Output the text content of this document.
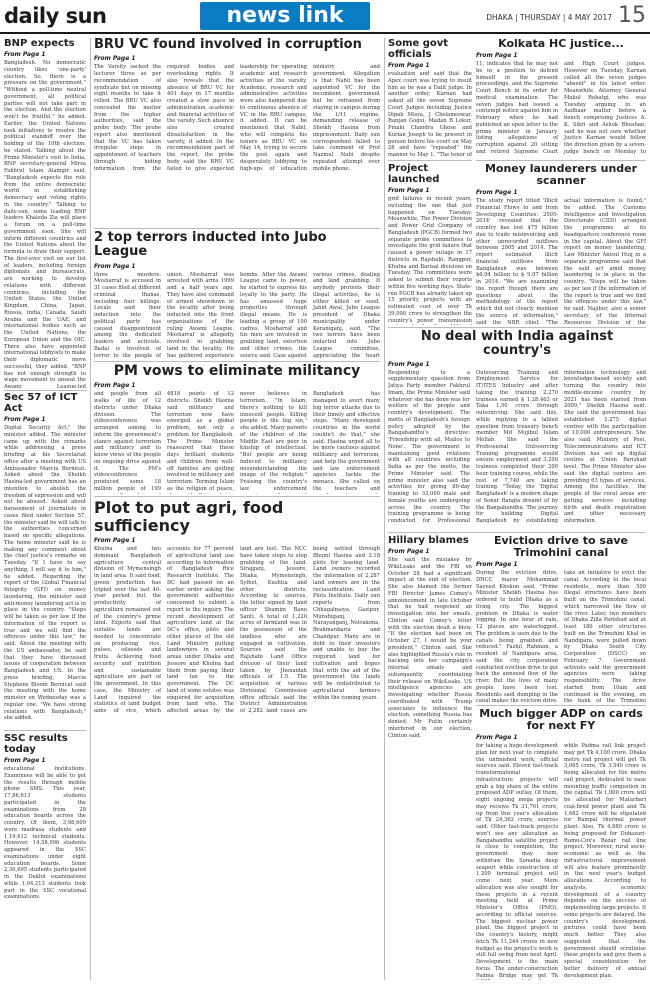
daily sun	news link	DHAKA | THURSDAY | 4 MAY 2017 15
BNP expects
From Page 1
Bangladesh. No democratic country likes 'one-party' election. So, there is a pressure on the government." "Without a poll-time neutral government, all political parties will not take part in the election. And the election won't be fruitful," he added. Earlier, the United Nations took initiatives to resolve the political standoff over the holding of the 10th election, he stated. Talking about the Prime Minister's visit to India, BNP secretary-general Mirza Fakhrul Islam Alamgir said, "Bangladesh expects the role from the entire democratic world in establishing democracy and voting rights in the country." Talking to daily-sun, some leading BNP leaders Khaleda Zia will place a forum on a poll-time government soon. She will inform different countries and the United Nations about the formula to draw their support. The first-ever visit on our list of leaders, including foreign diplomats and bureaucrats, are working to develop relations with different countries, including the United States, the United Kingdom, China, Japan, Russia, India, Canada, Saudi Arabia and the UAE, and international bodies such as the United Nations, the European Union and the OIC. There also have appointed international lobbyists to make their diplomatic move successful, they added. "BNP has not enough strength to wage movement to unseat the Awami League-led
Sec 57 of ICT Act
From Page 1
Digital Security Act," the minister added. The minister came up with the remarks while addressing a press briefing at his Secretariat office after a meeting with US Ambassador Marcia Bernicat. Asked about the Sheikh Hasina-led government has an intention to abolish the freedom of expression and will not be abused. Asked about harassment of journalists in cases filed under Section 57, the minister said he will talk to the authorities concerned based on specific allegations. The home minister said he is making any comment about the chief justice's remarks on Tuesday. "If I have to say anything, I will say it to him," he added. Regarding the report of the Global Financial Integrity (GFI) on money laundering, the minister said anti-money laundering act is in place in the country. "Steps will be taken as per law if the information of the report is true and we will find the offences under this law," he said. About the meeting with the US ambassador, he said that they have discussed issues of cooperation between Bangladesh and US. In the press briefing, Marcia Stephens Bloom Bernicat said the meeting with the home minister on Wednesday was a regular one. "We have strong relations with Bangladesh," she added.
SSC results today
From Page 1
educational institutions. Examinees will be able to get the results through mobile phone SMS. This year, 17,86,613 students participated in the examinations from 28 education boards across the country. Of them, 3,98,609 were madrasa students and 1,19,612 technical students. However, 14,58,996 students appeared in the SSC examinations under eight education boards. Some 2,36,695 students participated in the Dakhil examinations while 1,04,213 students took part in the SSC vocational examinations.
BRU VC found involved in corruption
From Page 1
The Varsity sacked the lecturer three as per recommendation of syndicate but on missing eight months to take it rolled. The BRU VC also concealed the matter from the higher authorities, said the probe body. The probe report also mentioned that the VC has taken irregular steps in appointment of teachers through hiding information from the required bodies and overlooking rights. It also reveals that the absence of BRU VC for 401 days in 17 months created a slow pace in administration, academic and financial activities of the varsity. Such absence also created dissatisfaction in the varsity, it added. In the recommendation part of the report, the probe body said the BRU VC failed to give expected leadership for operating academic and research activities of the varsity. Academic, research and administrative activities were also hampered due to continuous absence of VC in the BRU campus, it added. It can be mentioned that Nabil, who will complete his tenure as BRU VC on May 14, trying to secure the post again and desperately lobbying to high-ups of education ministry and government. Allegation is that Nabil has been appointed VC for the incumbent government but he refrained from staying in campus during the 1/11 regime, demanding release of Sheikh Hasina from imprisonment. Daily sun correspondent failed to take comment of Prof Nazmul Nabi despite repeated attempt over mobile phone.
2 top terrors inducted into Jubo League
From Page 1
three murders. Mosharraf is accused in 31 cases filed at different criminal thanas, including four killings. Locals said their induction into the political party has caused disappointment among the dedicated leaders and activists. Badal is involved of terror to the people of union. Mosharraf was arrested with arms 1999 and a half years ago. They have also command of armed showdown in the locality after being inducted into the front organisations of the ruling Awami League. Mosharraf is allegedly involved in grabbing land in the locality. He has gathered experience bombs. After the Awami League came to power, he started to express his loyalty to the party. He has amassed huge properties through illegal means. He is leading a group of 100 cadres. Mosharraf and his men are involved in grabbing land, extortion and other crimes, the source said. Case against various crimes, dealing and land grabbing. If anybody protests their illegal activities, he is either killed or sued. Jahid Awal, Jubo League president of Dhaka municipality under Keraniganj, said, "The two terrors have been inducted into Jubo League committee, appreciating the heart
PM vows to eliminate militancy
From Page 1
and people from all walks of life of 12 districts under Dhaka division. The videoconference was arranged aiming to inform the government's stance against terrorism and militancy and to know views of the people on ongoing drive against it. The PM's videoconference produced some 18 million people of 199 4818 points of 12 districts. Sheikh Hasina said militancy and terrorism now have emerged as a global problem, not only a problem for Bangladesh. The Prime Minister reassured that these days brilliant students and children from well-off families are getting involved in militancy and terrorism. Terming Islam as the religion of peace, never believes in terrorism. "In Islam, there's nothing to kill innocent people. Killing people is the big sin," she added. Many parents of the children of the Middle East are poor in kinship of intellectual. "But people are being induced to militancy misunderstanding the image of the religion." Praising the country's law enforcement Bangladesh has managed to avert many big terror attacks due to their timely and effective steps. "Many developed countries in the world couldn't do that," she said. Hasina urged all to be more cautious against militancy and terrorism, and help the government and law enforcement agencies tackle the menace. She called on the teachers and
Plot to put agri, food sufficiency
From Page 1
Khulna and two dominant Bangladesh agriculture central division of Mymensingh in land area. It said food, green production has tripled over the last 40-year period but the productivity of agriculture remained out of the country's prime land. Experts said that suitable lands are needed to concentrate on producing rice, pulses, oilseeds and fruits. Achieving food security and nutrition and sustainable agriculture are part of the government. In this case, the Ministry of Land inquired the statistics of land budget aims of rice, which accounts for 77 percent of agricultural land use according to information of Bangladesh Rice Research Institute. The DC had passed on an earlier order asking the government authorities concerned to submit a report to the inquiry. The recent development of agriculture land at the DC's office, plots and other places of the old Land Ministry putting landowners in several areas under Dhaka and Jessore and Khulna had them from paying their land tax to the government. The DC land of some estates was enquired for acquisition from land who. The affected areas by the land are lost. The NCC have taken steps to stop grabbing of the land. Sirajganj, Jessore, Dhaka, Mymensingh, Sylhet, Kushtia and other districts. According to sources, the letter signed by land officer Shamim Banu Santi. A total of 1,220 acres of farmland was in the possession of the landless who are engaged in cultivation. Sources said the Rajshahi Land Office division of their land taken by Jhenaidah officials of 1.5. The acquisition of various Divisional Commission office officials said the District Administration of 2,282 land cases are being settled through Bhumi Hasina and 2.18 plots for leasing land. Land owners recorded the information of 2,287 land owners are in the reclassification. Land Plots Institute. Daily sun reports from Chhagalnaiya, Gazipur, Munshiganj, Narayanganj, Netrakona, Brahmanbaria and Chandpur. Many are in debt to their investors and unable to buy the required land for cultivation and hopes that with the aid of the government the lands will be redistributed to agricultural farmers within the coming years.
Some govt officials
From Page 1
evaluation and said that the Apex court was trying to insult him as he was a Dalit judge. In another order, Karnan had asked all the seven Supreme Court Judges including Justice Dipak Misra, J Chelameswar, Ranjan Gogoi, Madan B Lokur, Pinaki Chandra Ghose and Kurian Joseph to be present in person before his court on May 28 and have "repeated" the manner to May 1. "The tenor of
Project launched
From Page 1
grid failures in recent years, including the one that just happened on Tuesday. Meanwhile, The Power Division and Power Grid Company of Bangladesh (PGCB) formed two separate probe committees to investigate the grid failure that caused a power outage in 17 districts in Rajshahi, Rangpur, Khulna and Barisal divisions on Tuesday. The committees were asked to submit their reports within five working days. State-run PGCB has already taken up 15 priority projects with an estimated cost of over Tk 39,000 crore to strengthen the country's power transmission
Kolkata HC justice...
From Page 1
11, indicates that he may not be in a position to defend himself in the present proceedings, and the Supreme Court Bench in its order for medical examination. The seven judges had issued a contempt notice against him in February when he had published an open letter to the prime minister in January, listing allegations of corruption against 20 sitting and retired Supreme Court and High Court judges. However on Tuesday, Karnan called all the seven judges "absent" in his latest order. Meanwhile, Attorney General Mukul Rohatgi, who was Tuesday arguing in an Aadhaar matter before a bench comprising Justices A. K. Sikri and Ashok Bhushan, said he was not sure whether Justice Karnan would follow the direction given by a seven-judge bench on Monday to
Money launderers under scanner
From Page 1
The study report titled 'Illicit Financial Flows to and from Developing Countries: 2005-2014' revealed that the country has lost $75 billion due to trade misinvoicing and other unrecorded outflows between 2005 and 2014. The report estimated illicit financial outflows from Bangladesh was between $6.04 billion to $ 9.07 billion in 2014. "We are examining the report though there are questions about the methodology of the report which did not clearly mention the source of information," said the NBR chief. "The actual information is found," he added. The Customs Intelligence and Investigation Directorate (CIID) arranged the programme at its headquarters conference room in the capital. About the GFI report on money laundering, Law Minister Anisul Huq in a separate programme said that the said act amid money laundering is in place in the country. "Steps will be taken as per law if the information of the report is true and we find the offences under this law," he said. Najibur, also a senior secretary of the Internal Resources Division of the
No deal with India against country's
From Page 1
Responding to a supplementary question from Jatiya Party member Fakhrul Imam, the Prime Minister said whatever she has done was for welfare of the people and country's development. The motto of Bangladesh's foreign policy adopted by the Bangabandhu's directive: 'Friendship with all, Malice to None'. The government is maintaining good relations with all countries including India as per the motto, the Prime Minister said. The prime minister also said the activities for giving 80-day training to 33,000 male and female youths are undergoing across the country. The training programme is being conducted for Professional Outsourcing Training and Employment Service for IT/ITES Industry and after taking the training 2,270 trainees earned $ 1,28,463 or Taka 1.50 crore through outsourcing. She said this, while replying to a tabled question from treasury bench member Md Mujibul Islam Mollah. She said the Professional Outsourcing Training programme would ensure employment and 3,200 trainees completed their 200 hour training course, while the rest of 7,740 are taking training. "Today, the 'Digital Bangladesh' is a modern shape of Sonar Bangla dreamt of by the Bangabandhu. The journey for building Digital Bangladesh by establishing information technology and knowledge-based society and turning the country into middle-income country by 2021 has been started from 2009," Sheikh Hasina said. She said the government has established 5,275 digital centres with the participation of 10,000 entrepreneurs. She also said, Ministry of Post, Telecommunications and ICT Division has set up digital centres at Union Parishad level. The Prime Minister also said the digital centres are providing 63 types of services. Among the facilities, the people of the rural areas are getting services including birth and death registration and other necessary information.
Hillary blames
From Page 1
She said the mistakes by WikiLeaks and the FBI on October 28 had a significant impact at the end of election. She also blamed the former FBI Director James Comey's announcement in late October that he had reopened an investigation into her emails. Clinton said Comey's letter with the election dealt a blow. "If the election had been on October 27, I would be your president," Clinton said. She also highlighted Russia's role in hacking into her campaign's internal emails and subsequently coordinating their release on WikiLeaks. US intelligence agencies are investigating whether Russia coordinated with Trump associates to influence the election, something Russia has denied. Mr Putin certainly interfered in our election, Clinton said.
Eviction drive to save Trimohini canal
From Page 1
During the eviction drive, DNCC mayor Mohammad Sayeed Khokon said, "Prime Minister Sheikh Hasina has ordered to build Dhaka as a living city. The biggest problem in Dhaka is water logging. In one hour of rain, 12 places are waterlogged. The problem is seen due to the canals being grabbed and reduced." Fazlul Rahman, a resident of Nandipara area, said the city corporation conducted eviction drive to get back the annexed flow of the river. But the lives of many people have been lost. Residents said dumping in the canal makes the eviction drive. take an initiative to evict the canal. According to the local residents, more than 500 illegal structures have been built on the Trimohini canal, which narrowed the flow of the river. Later, two members of Dhaka Zilla Parishad and at least 180 other structures built on the Trimohini Khal in Nandipara, were pulled down by Dhaka South City Corporation (DSCC) on February 7. Government activists said the government agencies were taking responsibility. The drive started from 10am and continued in the evening, on the bank of the Trimohini
Much bigger ADP on cards for next FY
From Page 1
for taking a huge development plan for next year to complete the unfinished work, official sources said. Eleven fast-track transformational infrastructure projects will grab a big share of the entire proposed ADP outlay. Of them, eight ongoing mega projects may receive Tk 31,761 crore, up from this year's allocation of Tk 24,362 crore, sources said. Other fast-track projects won't see any allocation as Bangabandhu satellite project is close to completion, the government may now withdraw the Sonadia deep seaport while construction of 1,200 terminal project will come next year. More allocation was also sought for these projects in a recent meeting held at Prime Minister's Office (PMO), according to official sources. The biggest nuclear power plant, the biggest project in the country's history, might fetch Tk 11,244 crores in new budget as the project's work is still full swing from next April. Development is the main focus. The under-construction Padma Bridge may get Tk while Padma rail link project may get Tk 4,100 crore. Dhaka metro rail project will get Tk 3,065 crore, Tk 3,540 crore is being allocated for the metro rail project, dedicated to ease mounting traffic congestion in the capital. Tk 1,000 crore will be allocated for Matarbari coal-fired power plant and Tk 1,682 crore will be stipulated for Rampal thermal power plant. Also, Tk 4,880 crore is being proposed for Dohazari-Ramu-Cox's Bazar rail line project. Moreover, rural socio-economic as well as the infrastructural improvement will also feature prominently in the next year's budget allocations. According to analysts, economic development of a country depends on the success of implementing large projects. If some projects are delayed, the country's development pictures could have been much better. They also suggested that the government should scrutinise these projects and give them a special consideration for better delivery of annual development plan.
